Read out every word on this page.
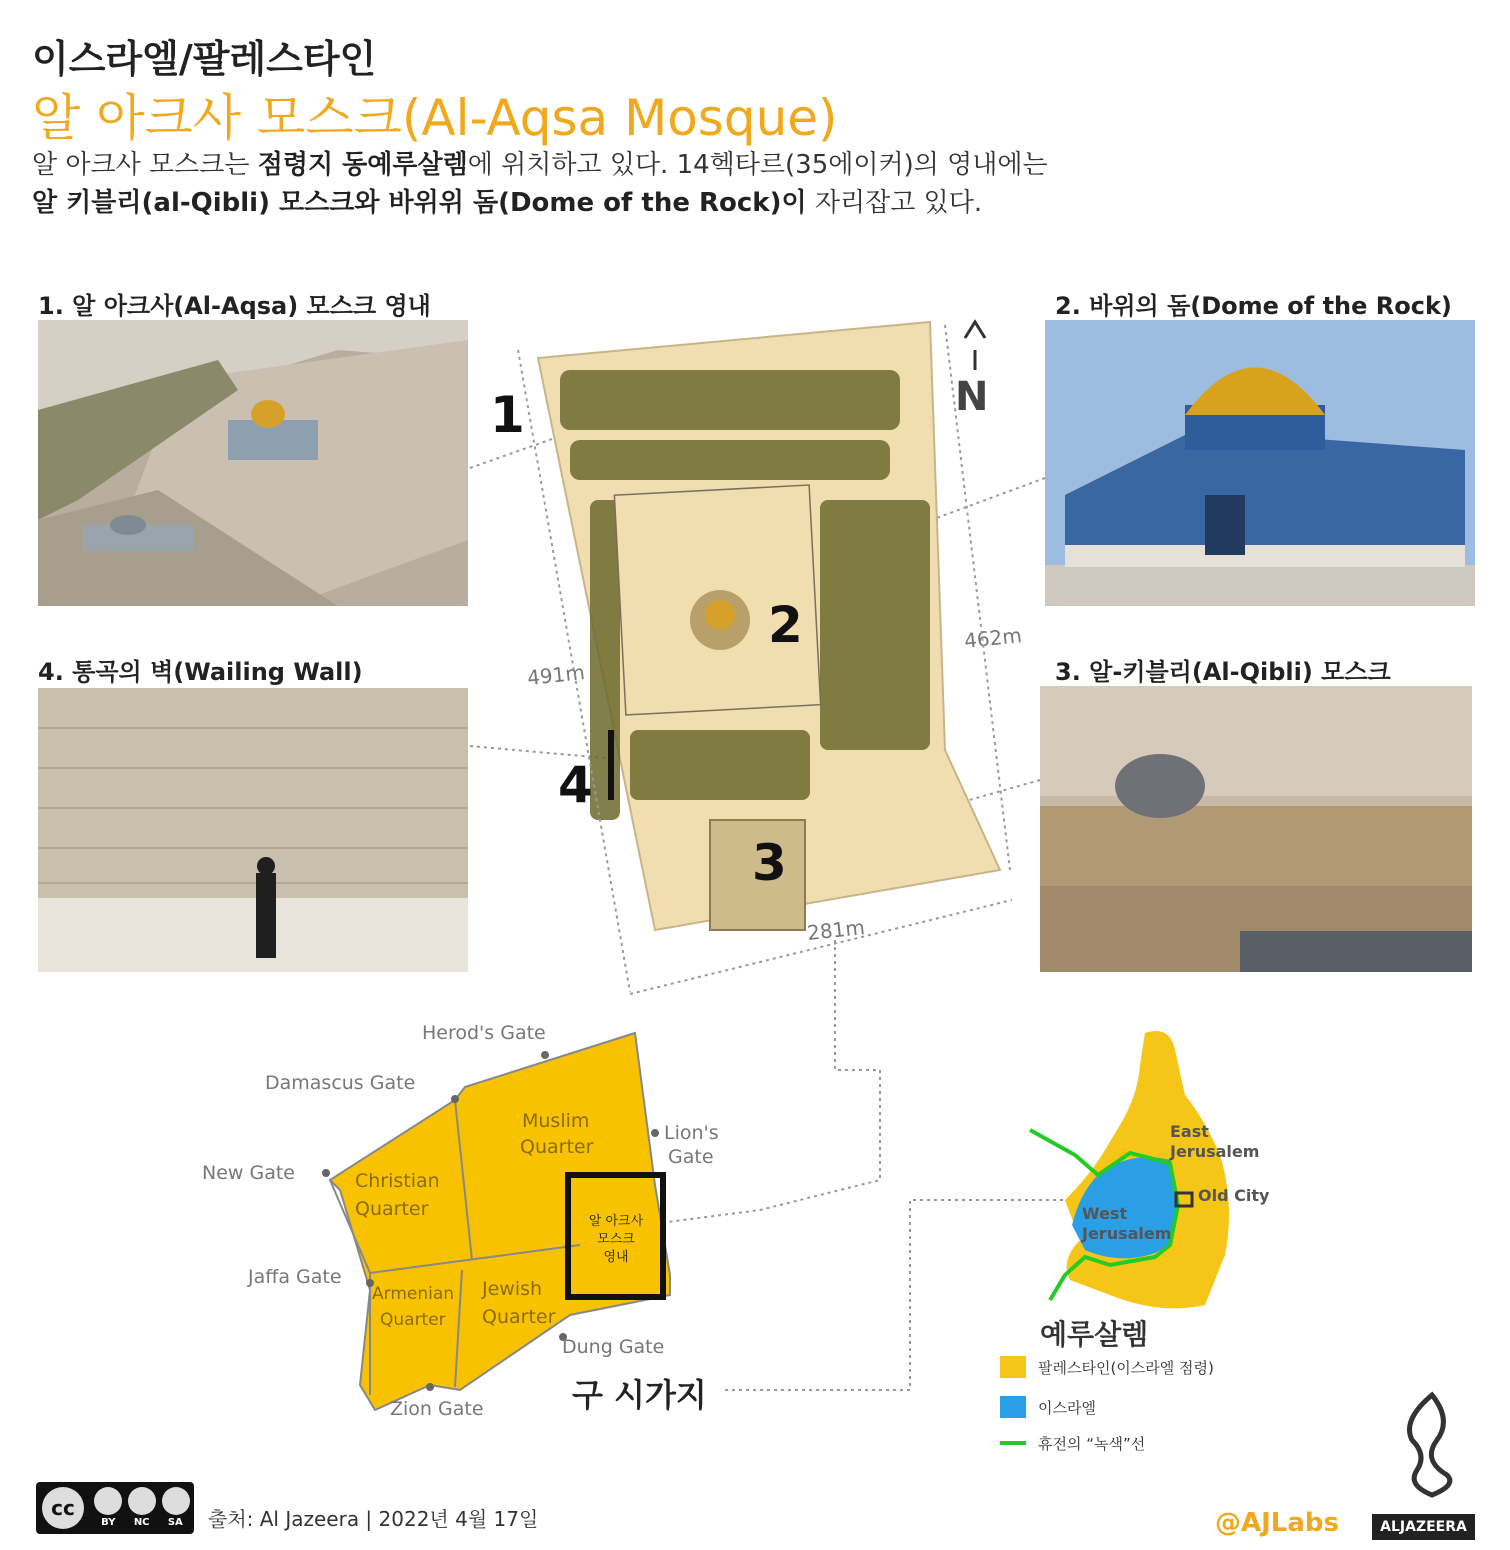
이스라엘/팔레스타인
알 아크사 모스크(Al-Aqsa Mosque)
알 아크사 모스크는 점령지 동예루살렘에 위치하고 있다. 14헥타르(35에이커)의 영내에는
알 키블리(al-Qibli) 모스크와 바위위 돔(Dome of the Rock)이 자리잡고 있다.
1. 알 아크사(Al-Aqsa) 모스크 영내	2. 바위의 돔(Dome of the Rock)
3. 알-키블리(Al-Qibli) 모스크
4. 통곡의 벽(Wailing Wall)
1
2
3
4
N
491m
462m
281m
Herod's Gate
Damascus Gate
New Gate
Jaffa Gate
Zion Gate
Dung Gate
Lion's
Gate
Muslim
Quarter
Christian
Quarter
Armenian
Quarter
Jewish
Quarter
알 아크사
모스크
영내
구 시가지
East
Jerusalem
Old City
West
Jerusalem
예루살렘
팔레스타인(이스라엘 점령)
이스라엘
휴전의 “녹색”선
cc
BY NC SA 출처: Al Jazeera | 2022년 4월 17일	@AJLabs	ALJAZEERA
